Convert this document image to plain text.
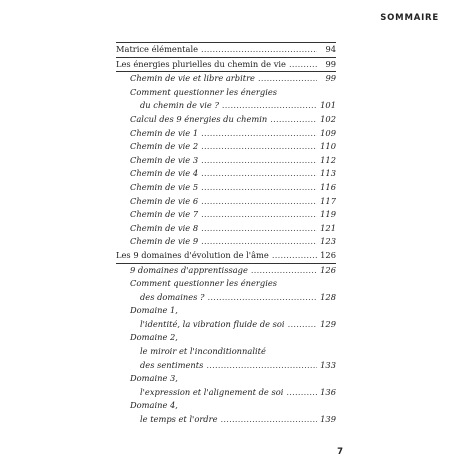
SOMMAIRE
Matrice élémentale . . .	94
Les énergies plurielles du chemin de vie . . .	99
Chemin de vie et libre arbitre . . .	99
Comment questionner les énergies
du chemin de vie ? . . .	101
Calcul des 9 énergies du chemin . . .	102
Chemin de vie 1 . . .	109
Chemin de vie 2 . . .	110
Chemin de vie 3 . . .	112
Chemin de vie 4 . . .	113
Chemin de vie 5 . . .	116
Chemin de vie 6 . . .	117
Chemin de vie 7 . . .	119
Chemin de vie 8 . . .	121
Chemin de vie 9 . . .	123
Les 9 domaines d'évolution de l'âme . . .	126
9 domaines d'apprentissage . . .	126
Comment questionner les énergies
des domaines ? . . .	128
Domaine 1,
l'identité, la vibration fluide de soi . . .	129
Domaine 2,
le miroir et l'inconditionnalité
des sentiments . . .	133
Domaine 3,
l'expression et l'alignement de soi . . .	136
Domaine 4,
le temps et l'ordre . . .	139
7
